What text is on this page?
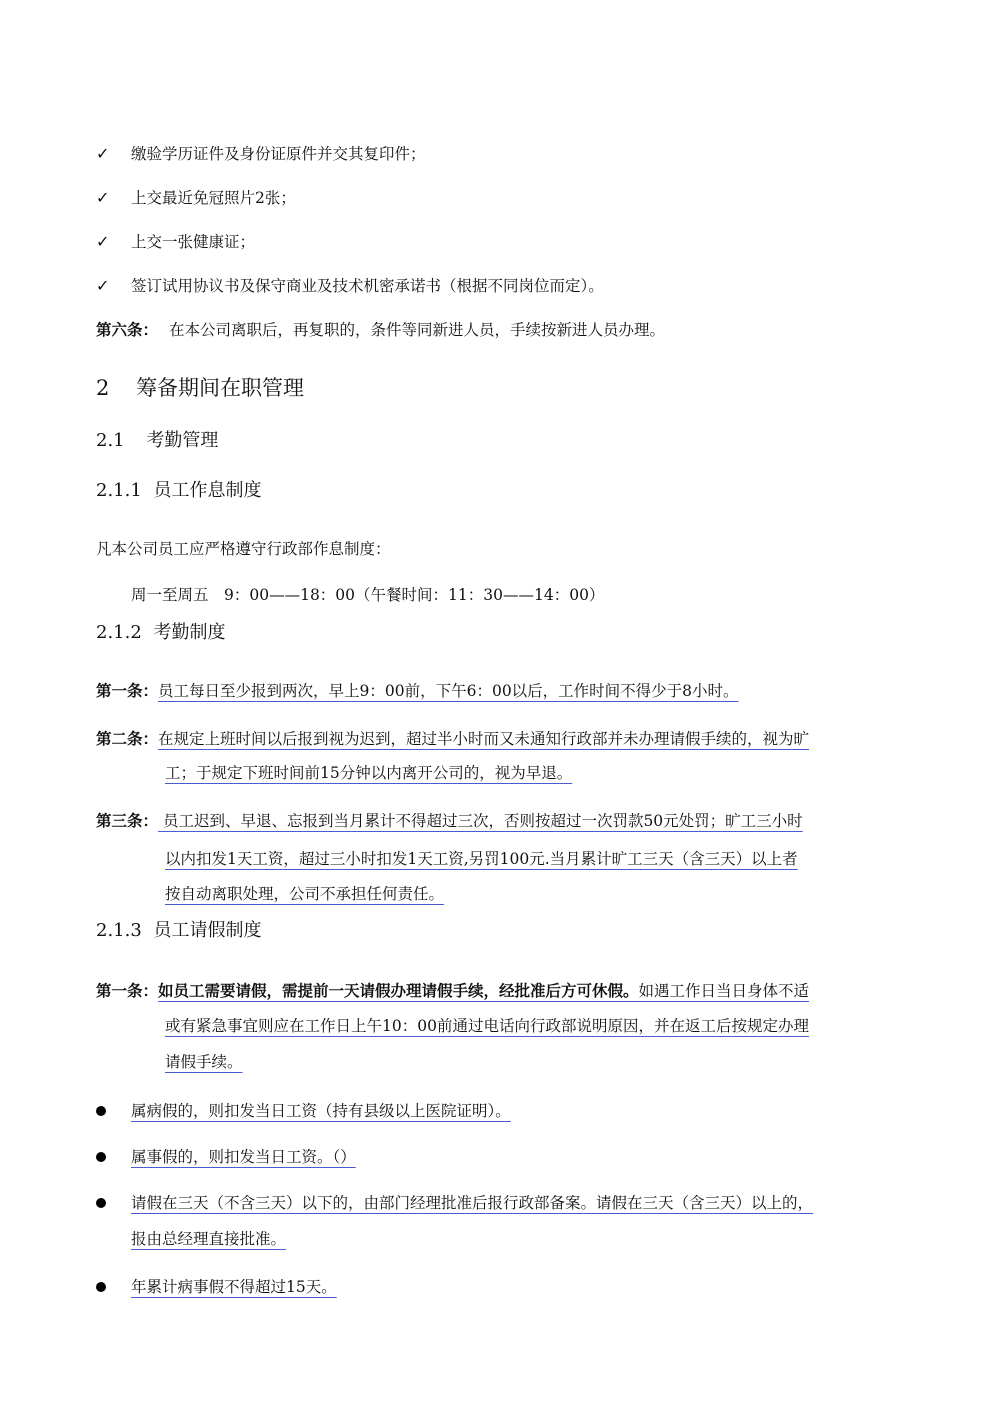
✓ 缴验学历证件及身份证原件并交其复印件；
✓ 上交最近免冠照片2张；
✓ 上交一张健康证；
✓ 签订试用协议书及保守商业及技术机密承诺书（根据不同岗位而定）。
第六条： 在本公司离职后，再复职的，条件等同新进人员，手续按新进人员办理。
2 筹备期间在职管理
2.1 考勤管理
2.1.1 员工作息制度
凡本公司员工应严格遵守行政部作息制度：
周一至周五　9：00——18：00（午餐时间：11：30——14：00）
2.1.2 考勤制度
第一条：员工每日至少报到两次，早上9：00前，下午6：00以后，工作时间不得少于8小时。
第二条：在规定上班时间以后报到视为迟到，超过半小时而又未通知行政部并未办理请假手续的，视为旷
工；于规定下班时间前15分钟以内离开公司的，视为早退。
第三条： 员工迟到、早退、忘报到当月累计不得超过三次，否则按超过一次罚款50元处罚；旷工三小时
以内扣发1天工资，超过三小时扣发1天工资,另罚100元.当月累计旷工三天（含三天）以上者
按自动离职处理，公司不承担任何责任。
2.1.3 员工请假制度
第一条：如员工需要请假，需提前一天请假办理请假手续，经批准后方可休假。如遇工作日当日身体不适
或有紧急事宜则应在工作日上午10：00前通过电话向行政部说明原因，并在返工后按规定办理
请假手续。
属病假的，则扣发当日工资（持有县级以上医院证明）。
属事假的，则扣发当日工资。（）
请假在三天（不含三天）以下的，由部门经理批准后报行政部备案。请假在三天（含三天）以上的，
报由总经理直接批准。
年累计病事假不得超过15天。
